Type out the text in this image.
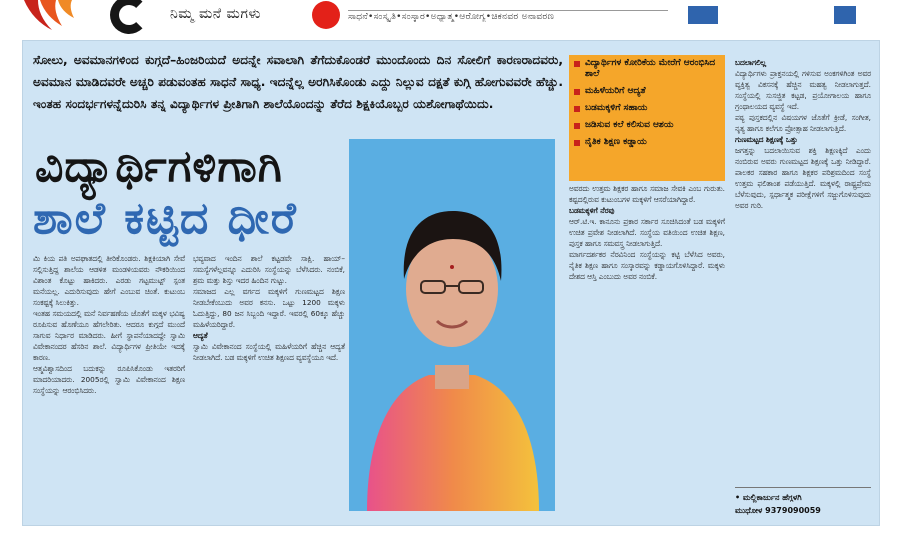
ನಿಮ್ಮ ಮನೆ ಮಗಳು	ಸಾಧನೆ•ಸಂಸ್ಕೃತಿ•ಸಂಸ್ಕಾರ•ಅಧ್ಯಾತ್ಮ•ಆರೋಗ್ಯ•ಚಿಕನವರ ಅನಾವರಣ
ಸೋಲು, ಅವಮಾನಗಳಿಂದ ಕುಗ್ಗದೆ–ಹಿಂಜರಿಯದೆ ಅದನ್ನೇ ಸವಾಲಾಗಿ ತೆಗೆದುಕೊಂಡರೆ ಮುಂದೊಂದು ದಿನ ಸೋಲಿಗೆ ಕಾರಣರಾದವರು, ಅವಮಾನ ಮಾಡಿದವರೇ ಅಚ್ಚರಿ ಪಡುವಂತಹ ಸಾಧನೆ ಸಾಧ್ಯ. ಇದನ್ನೆಲ್ಲ ಅರಗಿಸಿಕೊಂಡು ಎದ್ದು ನಿಲ್ಲುವ ದಕ್ಷತೆ ಕುಗ್ಗಿ ಹೋಗುವವರೇ ಹೆಚ್ಚು. ಇಂತಹ ಸಂದರ್ಭಗಳನ್ನೆದುರಿಸಿ ತನ್ನ ವಿದ್ಯಾರ್ಥಿಗಳ ಪ್ರೀತಿಗಾಗಿ ಶಾಲೆಯೊಂದನ್ನು ತೆರೆದ ಶಿಕ್ಷಕಿಯೊಬ್ಬರ ಯಶೋಗಾಥೆಯಿದು.
ವಿದ್ಯಾರ್ಥಿಗಳಿಗಾಗಿ
ಶಾಲೆ ಕಟ್ಟಿದ ಧೀರೆ

ಮಿ ಕಿಯ ಪತಿ ಅಪಘಾತದಲ್ಲಿ ತೀರಿಕೊಂಡರು. ಶಿಕ್ಷಕಿಯಾಗಿ ಸೇವೆ ಸಲ್ಲಿಸುತ್ತಿದ್ದ ಶಾಲೆಯ ಆಡಳಿತ ಮಂಡಳಿಯವರು ನೌಕರಿಯಿಂದ ವಿಶಾಂತ ಕೊಟ್ಟು ಹಾಕಿದರು. ಎರಡು ಗಟ್ಟಮುಟ್ಟ್ ಸ್ಪಂತ ಮನೆಯಲ್ಲ. ಎದುರಿಸುವುದು ಹೇಗೆ ಎಂಬುವ ಚಿಂತೆ. ಕುಟುಂಬ ಸಂಕಷ್ಟಕ್ಕೆ ಸಿಲುಕಿತ್ತು.

ಇಂತಹ ಸಮಯದಲ್ಲಿ ಮನೆ ನಿರ್ವಹಣೆಯ ಜೊತೆಗೆ ಮಕ್ಕಳ ಭವಿಷ್ಯ ರೂಪಿಸುವ ಹೊಣೆಯೂ ಹೆಗಲೇರಿತು. ಆದರೂ ಕುಗ್ಗದೆ ಮುಂದೆ ಸಾಗುವ ನಿರ್ಧಾರ ಮಾಡಿದರು. ಹೀಗೆ ಸ್ಥಾಪನೆಯಾದದ್ದೇ ಸ್ವಾಮಿ ವಿವೇಕಾನಂದರ ಹೆಸರಿನ ಶಾಲೆ. ವಿದ್ಯಾರ್ಥಿಗಳ ಪ್ರೀತಿಯೇ ಇದಕ್ಕೆ ಕಾರಣ.

ಆತ್ಮವಿಶ್ವಾಸದಿಂದ ಬದುಕನ್ನು ರೂಪಿಸಿಕೊಂಡು ಇತರರಿಗೆ ಮಾದರಿಯಾದರು. 2005ರಲ್ಲಿ ಸ್ವಾಮಿ ವಿವೇಕಾನಂದ ಶಿಕ್ಷಣ ಸಂಸ್ಥೆಯನ್ನು ಆರಂಭಿಸಿದರು.

ಭವ್ಯವಾದ ಇಂದಿನ ಶಾಲೆ ಕಟ್ಟಡವೇ ಸಾಕ್ಷಿ. ಹಾಯ್–ಸಮಸ್ಯೆಗಳೆಲ್ಲವನ್ನೂ ಎದುರಿಸಿ ಸಂಸ್ಥೆಯನ್ನು ಬೆಳೆಸಿದರು. ನಂಬಿಕೆ, ಶ್ರಮ ಮತ್ತು ಶಿಸ್ತು ಇದರ ಹಿಂದಿನ ಗುಟ್ಟು.

ಸಮಾಜದ ಎಲ್ಲ ವರ್ಗದ ಮಕ್ಕಳಿಗೆ ಗುಣಮಟ್ಟದ ಶಿಕ್ಷಣ ನೀಡಬೇಕೆಂಬುದು ಅವರ ಕನಸು. ಒಟ್ಟು 1200 ಮಕ್ಕಳು ಓದುತ್ತಿದ್ದು, 80 ಜನ ಸಿಬ್ಬಂದಿ ಇದ್ದಾರೆ. ಇವರಲ್ಲಿ 60ಕ್ಕೂ ಹೆಚ್ಚು ಮಹಿಳೆಯರಿದ್ದಾರೆ.

ಆದ್ಯತೆ

ಸ್ವಾಮಿ ವಿವೇಕಾನಂದ ಸಂಸ್ಥೆಯಲ್ಲಿ ಮಹಿಳೆಯರಿಗೆ ಹೆಚ್ಚಿನ ಆದ್ಯತೆ ನೀಡಲಾಗಿದೆ. ಬಡ ಮಕ್ಕಳಿಗೆ ಉಚಿತ ಶಿಕ್ಷಣದ ವ್ಯವಸ್ಥೆಯೂ ಇದೆ.

ವಿದ್ಯಾರ್ಥಿಗಳ ಕೋರಿಕೆಯ ಮೇರೆಗೆ ಆರಂಭಿಸಿದ ಶಾಲೆ
ಮಹಿಳೆಯರಿಗೆ ಆದ್ಯತೆ
ಬಡಮಕ್ಕಳಿಗೆ ಸಹಾಯ
ಜಡಿಸುವ ಕಲೆ ಕಲಿಸುವ ಆಶಯ
ನೈತಿಕ ಶಿಕ್ಷಣ ಕಡ್ಡಾಯ

ಅವರದು ಉತ್ತಮ ಶಿಕ್ಷಕರ ಹಾಗೂ ಸಮಾಜ ಸೇವಕಿ ಎಂಬ ಗುರುತು. ಕಷ್ಟದಲ್ಲಿರುವ ಕುಟುಂಬಗಳ ಮಕ್ಕಳಿಗೆ ಆಸರೆಯಾಗಿದ್ದಾರೆ.

ಬಡಮಕ್ಕಳಿಗೆ ನೆರವು

ಆರ್.ಟಿ.ಇ. ಕಾನೂನು ಪ್ರಕಾರ ಸರ್ಕಾರ ಸೂಚಿಸಿದಂತೆ ಬಡ ಮಕ್ಕಳಿಗೆ ಉಚಿತ ಪ್ರವೇಶ ನೀಡಲಾಗಿದೆ. ಸಂಸ್ಥೆಯ ವತಿಯಿಂದ ಉಚಿತ ಶಿಕ್ಷಣ, ಪುಸ್ತಕ ಹಾಗೂ ಸಮವಸ್ತ್ರ ನೀಡಲಾಗುತ್ತಿದೆ.

ಮಾರ್ಗದರ್ಶಕರ ನೆರವಿನಿಂದ ಸಂಸ್ಥೆಯನ್ನು ಕಟ್ಟಿ ಬೆಳೆಸಿದ ಅವರು, ನೈತಿಕ ಶಿಕ್ಷಣ ಹಾಗೂ ಸಂಸ್ಕಾರವನ್ನು ಕಡ್ಡಾಯಗೊಳಿಸಿದ್ದಾರೆ. ಮಕ್ಕಳು ದೇಶದ ಆಸ್ತಿ ಎಂಬುದು ಅವರ ನಂಬಿಕೆ.

ಬದಲಾಗಲಿಲ್ಲ

ವಿದ್ಯಾರ್ಥಿಗಳು ಪ್ರಾಕ್ತನಯಲ್ಲಿ ಗಳಿಸುವ ಅಂಕಗಳಿಗಿಂತ ಅವರ ವ್ಯಕ್ತಿತ್ವ ವಿಕಸನಕ್ಕೆ ಹೆಚ್ಚಿನ ಮಹತ್ವ ನೀಡಲಾಗುತ್ತದೆ. ಸಂಸ್ಥೆಯಲ್ಲಿ ಸುಸಜ್ಜಿತ ಕಟ್ಟಡ, ಪ್ರಯೋಗಾಲಯ ಹಾಗೂ ಗ್ರಂಥಾಲಯದ ವ್ಯವಸ್ಥೆ ಇದೆ.

ಪಠ್ಯ ಪುಸ್ತಕದಲ್ಲಿನ ವಿಷಯಗಳ ಜೊತೆಗೆ ಕ್ರೀಡೆ, ಸಂಗೀತ, ನೃತ್ಯ ಹಾಗೂ ಕಲೆಗೂ ಪ್ರೋತ್ಸಾಹ ನೀಡಲಾಗುತ್ತಿದೆ.

ಗುಣಮಟ್ಟದ ಶಿಕ್ಷಣಕ್ಕೆ ಒತ್ತು

ಜಗತ್ತನ್ನು ಬದಲಾಯಿಸುವ ಶಕ್ತಿ ಶಿಕ್ಷಣಕ್ಕಿದೆ ಎಂದು ನಂಬಿರುವ ಅವರು ಗುಣಮಟ್ಟದ ಶಿಕ್ಷಣಕ್ಕೆ ಒತ್ತು ನೀಡಿದ್ದಾರೆ. ಪಾಲಕರ ಸಹಕಾರ ಹಾಗೂ ಶಿಕ್ಷಕರ ಪರಿಶ್ರಮದಿಂದ ಸಂಸ್ಥೆ ಉತ್ತಮ ಫಲಿತಾಂಶ ಪಡೆಯುತ್ತಿದೆ. ಮಕ್ಕಳಲ್ಲಿ ರಾಷ್ಟ್ರಪ್ರೇಮ ಬೆಳೆಸುವುದು, ಸ್ಪರ್ಧಾತ್ಮಕ ಪರೀಕ್ಷೆಗಳಿಗೆ ಸಜ್ಜುಗೊಳಿಸುವುದು ಅವರ ಗುರಿ.

• ಮಲ್ಲಿಕಾರ್ಜುನ ಹೆಗ್ಗಳಗಿ
ಮುಧೋಳ 9379090059
